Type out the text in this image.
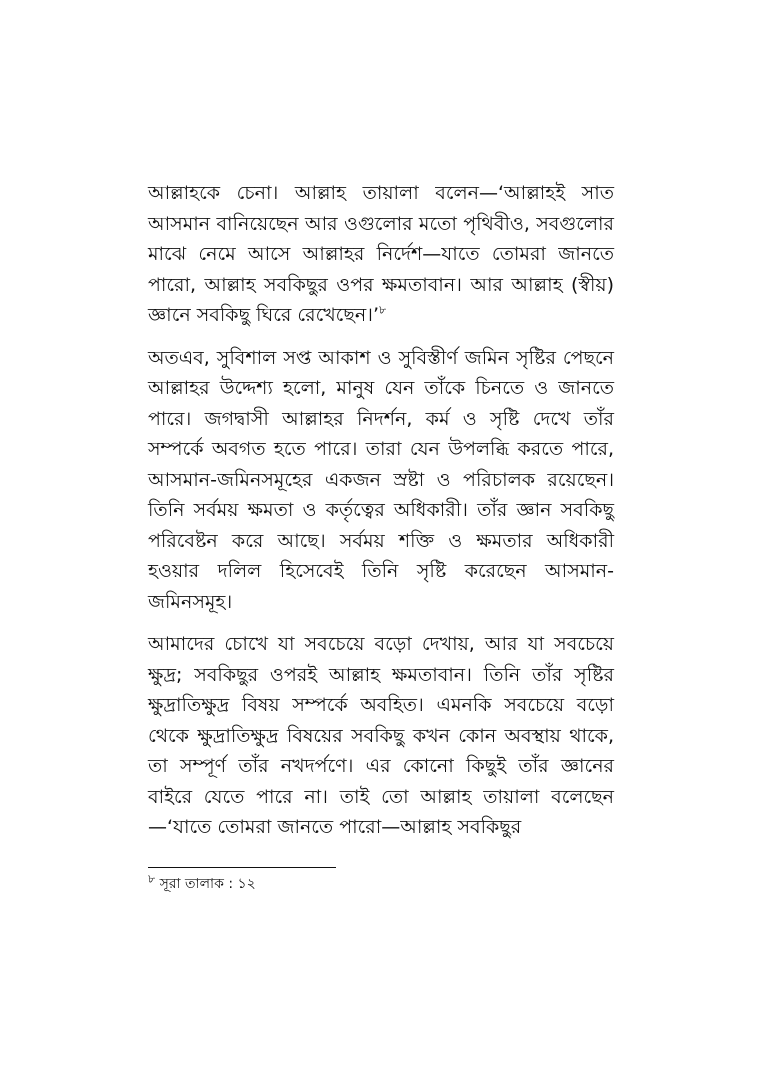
আল্লাহকে চেনা। আল্লাহ তায়ালা বলেন—‘আল্লাহই সাত আসমান বানিয়েছেন আর ওগুলোর মতো পৃথিবীও, সবগুলোর মাঝে নেমে আসে আল্লাহর নির্দেশ—যাতে তোমরা জানতে পারো, আল্লাহ সবকিছুর ওপর ক্ষমতাবান। আর আল্লাহ (স্বীয়) জ্ঞানে সবকিছু ঘিরে রেখেছেন।’$^৮$

অতএব, সুবিশাল সপ্ত আকাশ ও সুবিস্তীর্ণ জমিন সৃষ্টির পেছনে আল্লাহর উদ্দেশ্য হলো, মানুষ যেন তাঁকে চিনতে ও জানতে পারে। জগদ্বাসী আল্লাহর নিদর্শন, কর্ম ও সৃষ্টি দেখে তাঁর সম্পর্কে অবগত হতে পারে। তারা যেন উপলব্ধি করতে পারে, আসমান-জমিনসমূহের একজন স্রষ্টা ও পরিচালক রয়েছেন। তিনি সর্বময় ক্ষমতা ও কর্তৃত্বের অধিকারী। তাঁর জ্ঞান সবকিছু পরিবেষ্টন করে আছে। সর্বময় শক্তি ও ক্ষমতার অধিকারী হওয়ার দলিল হিসেবেই তিনি সৃষ্টি করেছেন আসমান-জমিনসমূহ।

আমাদের চোখে যা সবচেয়ে বড়ো দেখায়, আর যা সবচেয়ে ক্ষুদ্র; সবকিছুর ওপরই আল্লাহ ক্ষমতাবান। তিনি তাঁর সৃষ্টির ক্ষুদ্রাতিক্ষুদ্র বিষয় সম্পর্কে অবহিত। এমনকি সবচেয়ে বড়ো থেকে ক্ষুদ্রাতিক্ষুদ্র বিষয়ের সবকিছু কখন কোন অবস্থায় থাকে, তা সম্পূর্ণ তাঁর নখদর্পণে। এর কোনো কিছুই তাঁর জ্ঞানের বাইরে যেতে পারে না। তাই তো আল্লাহ তায়ালা বলেছেন—‘যাতে তোমরা জানতে পারো—আল্লাহ সবকিছুর

$^৮$ সূরা তালাক : ১২
